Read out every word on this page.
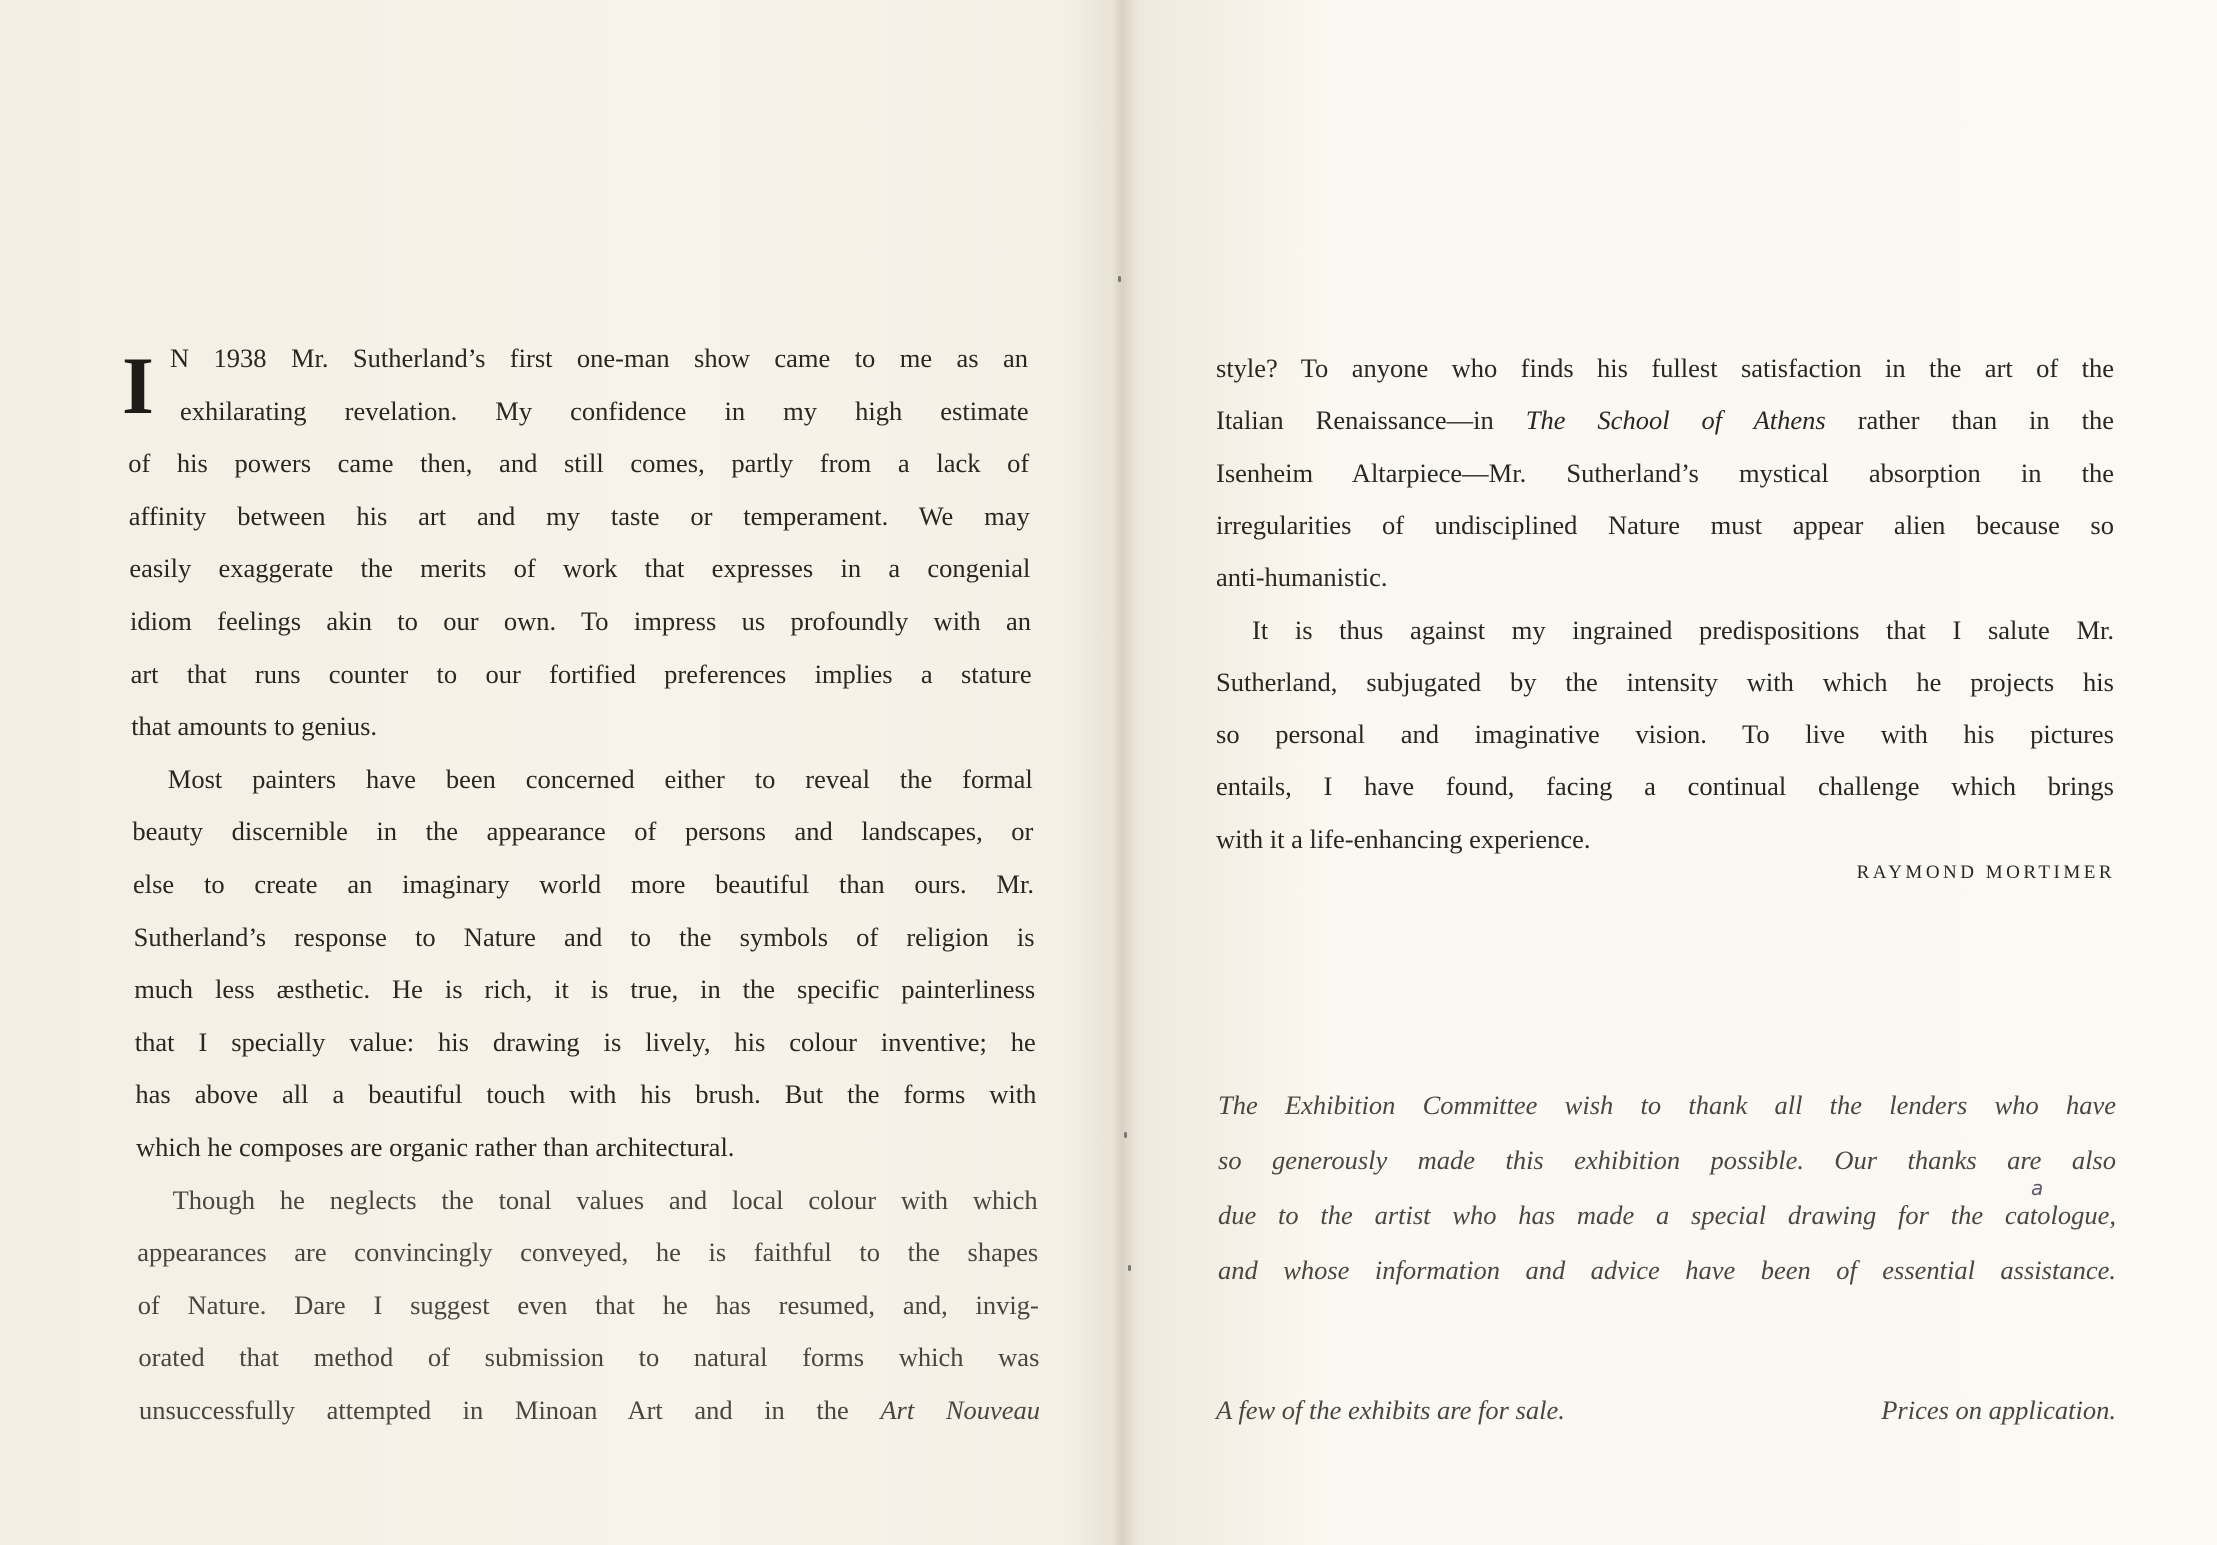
N 1938 Mr. Sutherland’s first one-man show came to me as an
exhilarating revelation. My confidence in my high estimate
of his powers came then, and still comes, partly from a lack of
affinity between his art and my taste or temperament. We may
easily exaggerate the merits of work that expresses in a congenial
idiom feelings akin to our own. To impress us profoundly with an
art that runs counter to our fortified preferences implies a stature
that amounts to genius.
Most painters have been concerned either to reveal the formal
beauty discernible in the appearance of persons and landscapes, or
else to create an imaginary world more beautiful than ours. Mr.
Sutherland’s response to Nature and to the symbols of religion is
much less æsthetic. He is rich, it is true, in the specific painterliness
that I specially value: his drawing is lively, his colour inventive; he
has above all a beautiful touch with his brush. But the forms with
which he composes are organic rather than architectural.
Though he neglects the tonal values and local colour with which
appearances are convincingly conveyed, he is faithful to the shapes
of Nature. Dare I suggest even that he has resumed, and, invig-
orated that method of submission to natural forms which was
unsuccessfully attempted in Minoan Art and in the Art Nouveau
I	style? To anyone who finds his fullest satisfaction in the art of the
Italian Renaissance—in The School of Athens rather than in the
Isenheim Altarpiece—Mr. Sutherland’s mystical absorption in the
irregularities of undisciplined Nature must appear alien because so
anti-humanistic.
It is thus against my ingrained predispositions that I salute Mr.
Sutherland, subjugated by the intensity with which he projects his
so personal and imaginative vision. To live with his pictures
entails, I have found, facing a continual challenge which brings
with it a life-enhancing experience.
RAYMOND MORTIMER
The Exhibition Committee wish to thank all the lenders who have
so generously made this exhibition possible. Our thanks are also
due to the artist who has made a special drawing for the catologue,
and whose information and advice have been of essential assistance.
a
A few of the exhibits are for sale.	Prices on application.
